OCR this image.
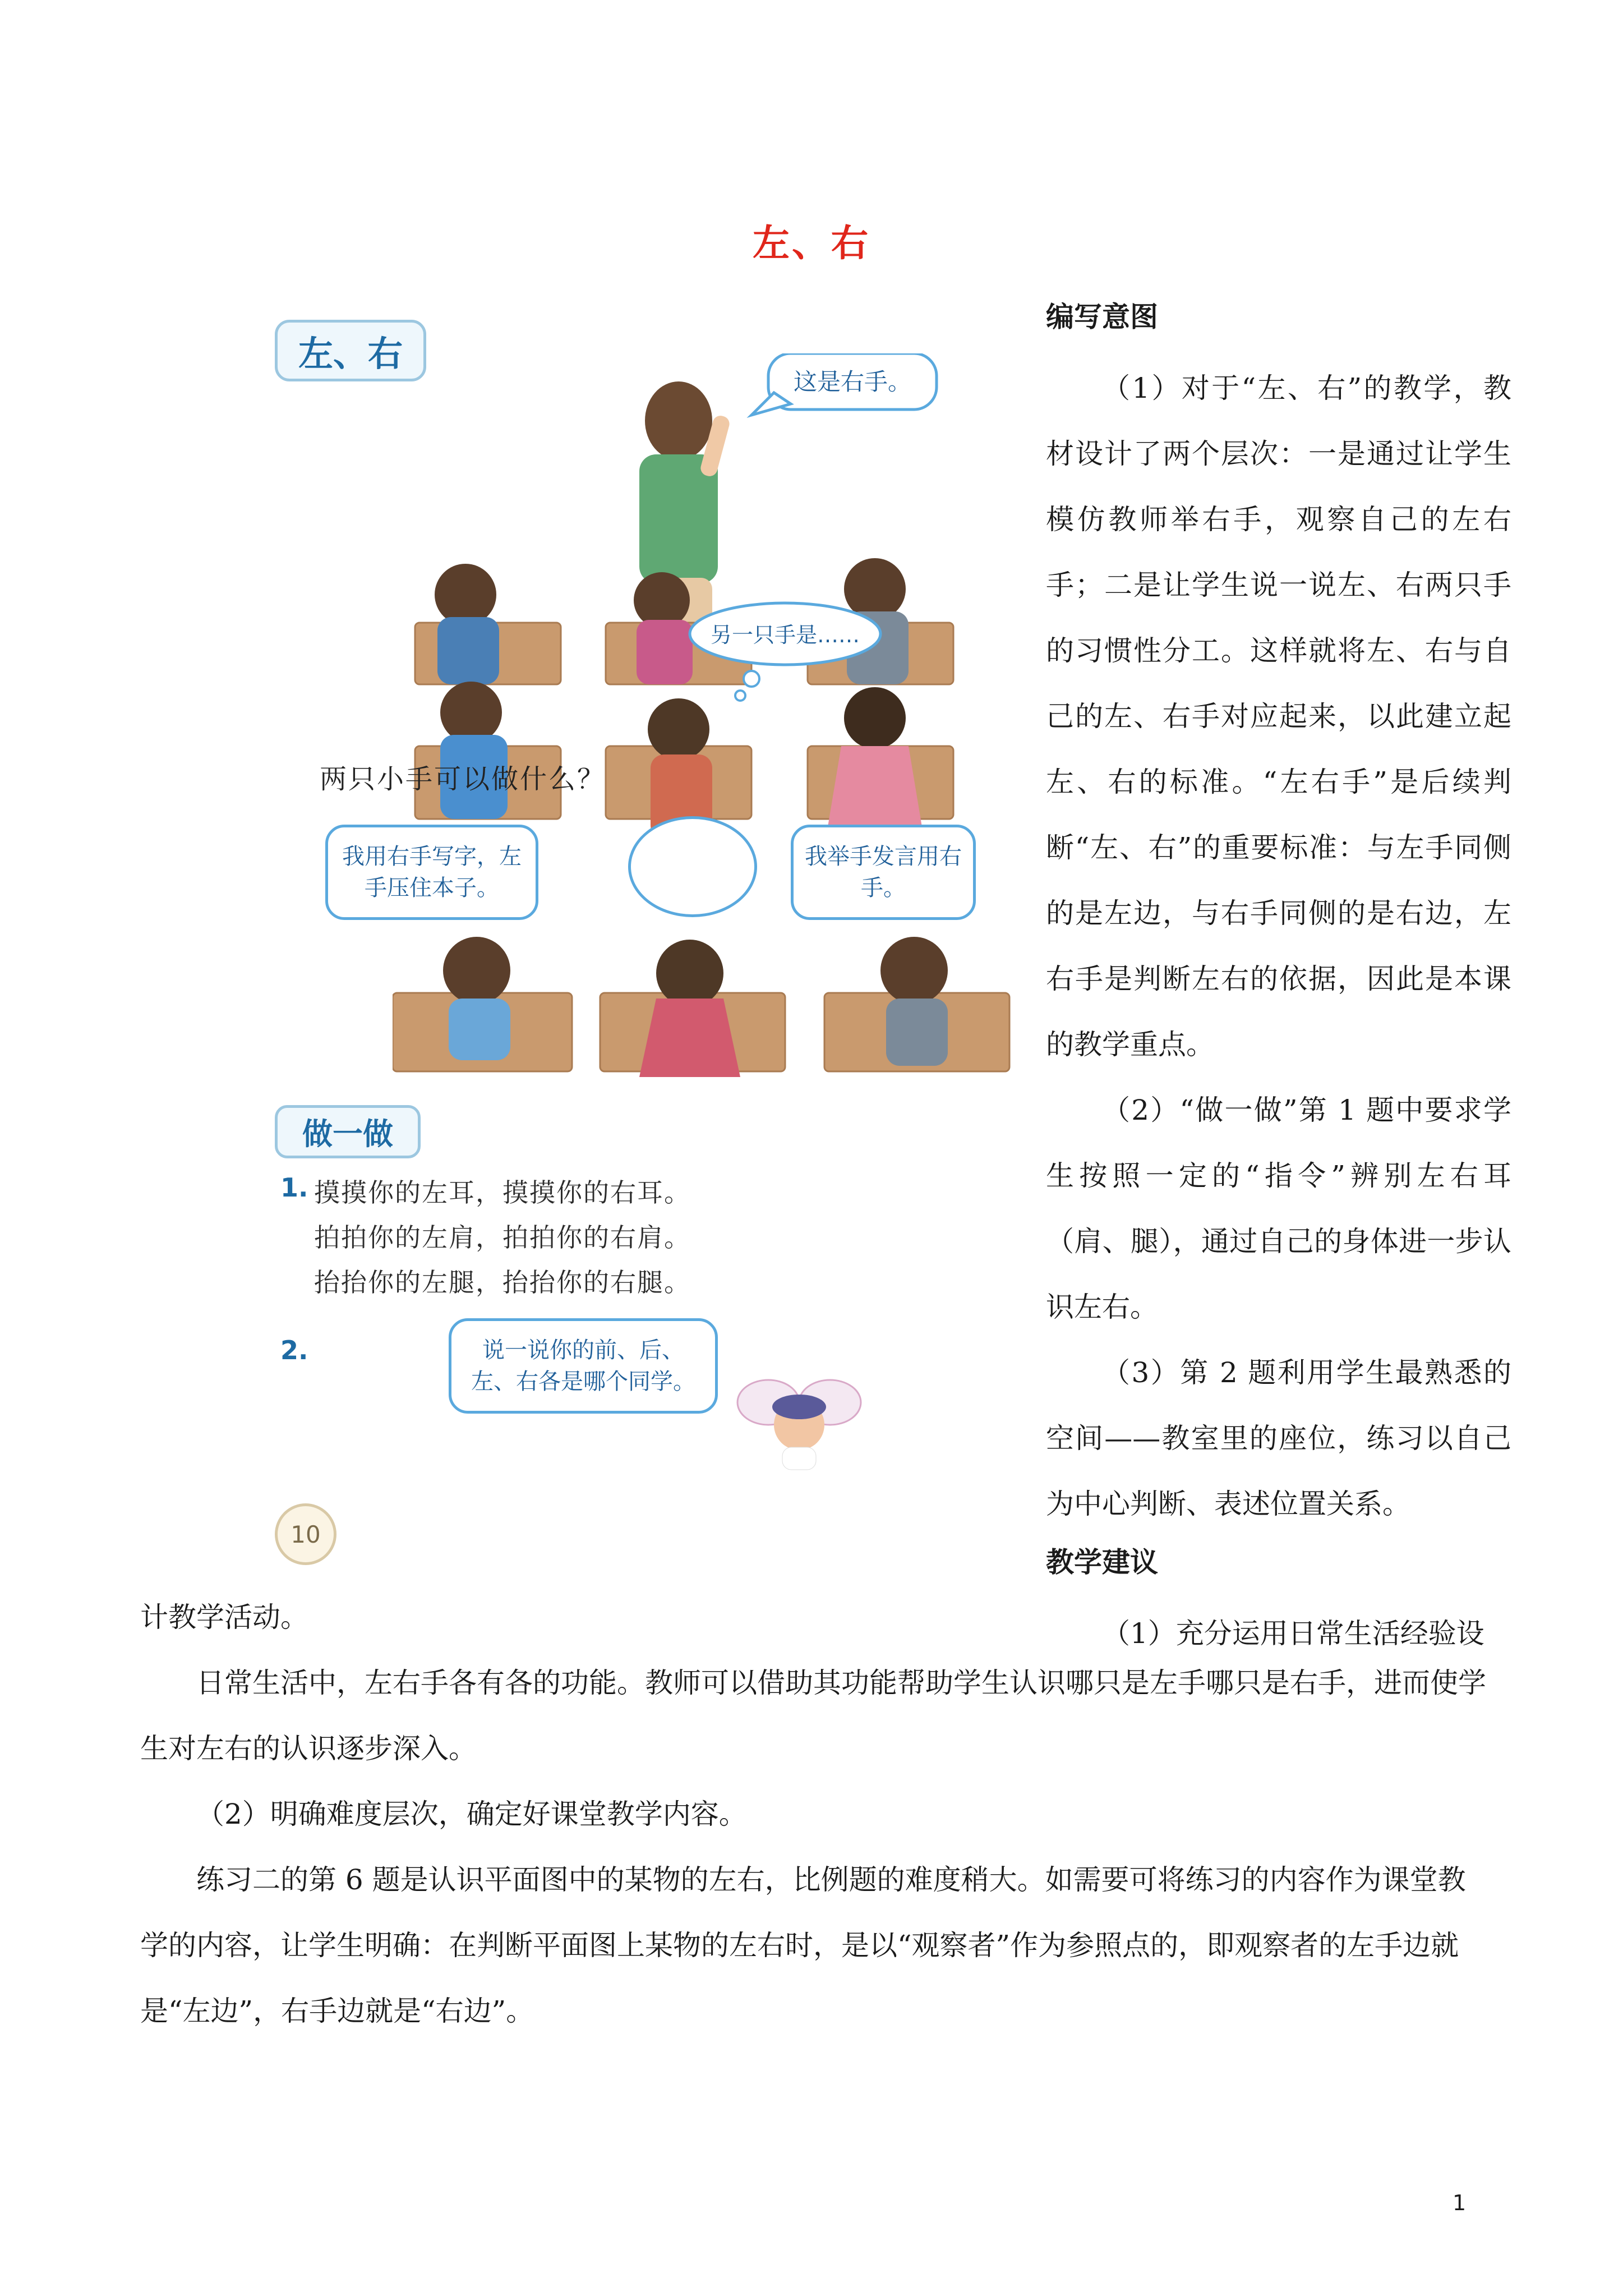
左、右
左、右
这是右手。
另一只手是……
两只小手可以做什么？
我用右手写字，左手压住本子。
我举手发言用右手。
做一做
1. 摸摸你的左耳，摸摸你的右耳。
拍拍你的左肩，拍拍你的右肩。
抬抬你的左腿，抬抬你的右腿。
2.	说一说你的前、后、左、右各是哪个同学。
10
编写意图

（1）对于“左、右”的教学，教材设计了两个层次：一是通过让学生模仿教师举右手，观察自己的左右手；二是让学生说一说左、右两只手的习惯性分工。这样就将左、右与自己的左、右手对应起来，以此建立起左、右的标准。“左右手”是后续判断“左、右”的重要标准：与左手同侧的是左边，与右手同侧的是右边，左右手是判断左右的依据，因此是本课的教学重点。

（2）“做一做”第 1 题中要求学生按照一定的“指令”辨别左右耳（肩、腿），通过自己的身体进一步认识左右。

（3）第 2 题利用学生最熟悉的空间——教室里的座位，练习以自己为中心判断、表述位置关系。

教学建议

（1）充分运用日常生活经验设

计教学活动。

日常生活中，左右手各有各的功能。教师可以借助其功能帮助学生认识哪只是左手哪只是右手，进而使学生对左右的认识逐步深入。

（2）明确难度层次，确定好课堂教学内容。

练习二的第 6 题是认识平面图中的某物的左右，比例题的难度稍大。如需要可将练习的内容作为课堂教学的内容，让学生明确：在判断平面图上某物的左右时，是以“观察者”作为参照点的，即观察者的左手边就是“左边”，右手边就是“右边”。

1
